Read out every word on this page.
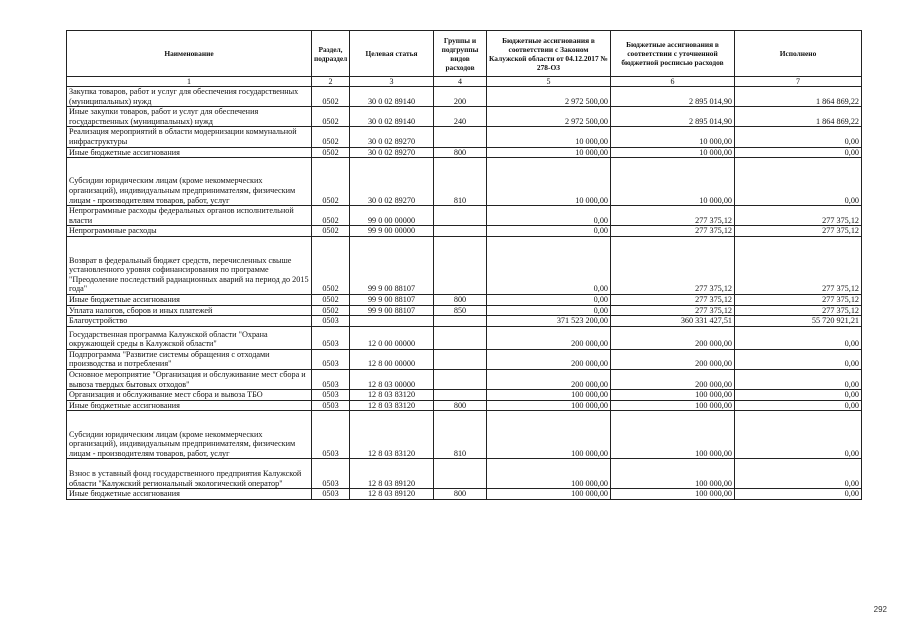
Наименование	Раздел, подраздел	Целевая статья	Группы и подгруппы видов расходов	Бюджетные ассигнования в соответствии с Законом Калужской области от 04.12.2017 № 278-ОЗ	Бюджетные ассигнования в соответствии с уточненной бюджетной росписью расходов	Исполнено
1	2	3	4	5	6	7
Закупка товаров, работ и услуг для обеспечения государственных (муниципальных) нужд	0502	30 0 02 89140	200	2 972 500,00	2 895 014,90	1 864 869,22
Иные закупки товаров, работ и услуг для обеспечения государственных (муниципальных) нужд	0502	30 0 02 89140	240	2 972 500,00	2 895 014,90	1 864 869,22
Реализация мероприятий в области модернизации коммунальной инфраструктуры	0502	30 0 02 89270		10 000,00	10 000,00	0,00
Иные бюджетные ассигнования	0502	30 0 02 89270	800	10 000,00	10 000,00	0,00
Субсидии юридическим лицам (кроме некоммерческих организаций), индивидуальным предпринимателям, физическим лицам - производителям товаров, работ, услуг	0502	30 0 02 89270	810	10 000,00	10 000,00	0,00
Непрограммные расходы федеральных органов исполнительной власти	0502	99 0 00 00000		0,00	277 375,12	277 375,12
Непрограммные расходы	0502	99 9 00 00000		0,00	277 375,12	277 375,12
Возврат в федеральный бюджет средств, перечисленных свыше установленного уровня софинансирования по программе "Преодоление последствий радиационных аварий на период до 2015 года"	0502	99 9 00 88107		0,00	277 375,12	277 375,12
Иные бюджетные ассигнования	0502	99 9 00 88107	800	0,00	277 375,12	277 375,12
Уплата налогов, сборов и иных платежей	0502	99 9 00 88107	850	0,00	277 375,12	277 375,12
Благоустройство	0503			371 523 200,00	360 331 427,51	55 720 921,21
Государственная программа Калужской области "Охрана окружающей среды в Калужской области"	0503	12 0 00 00000		200 000,00	200 000,00	0,00
Подпрограмма "Развитие системы обращения с отходами производства и потребления"	0503	12 8 00 00000		200 000,00	200 000,00	0,00
Основное мероприятие "Организация и обслуживание мест сбора и вывоза твердых бытовых отходов"	0503	12 8 03 00000		200 000,00	200 000,00	0,00
Организация и обслуживание мест сбора и вывоза ТБО	0503	12 8 03 83120		100 000,00	100 000,00	0,00
Иные бюджетные ассигнования	0503	12 8 03 83120	800	100 000,00	100 000,00	0,00
Субсидии юридическим лицам (кроме некоммерческих организаций), индивидуальным предпринимателям, физическим лицам - производителям товаров, работ, услуг	0503	12 8 03 83120	810	100 000,00	100 000,00	0,00
Взнос в уставный фонд государственного предприятия Калужской области "Калужский региональный экологический оператор"	0503	12 8 03 89120		100 000,00	100 000,00	0,00
Иные бюджетные ассигнования	0503	12 8 03 89120	800	100 000,00	100 000,00	0,00
292
